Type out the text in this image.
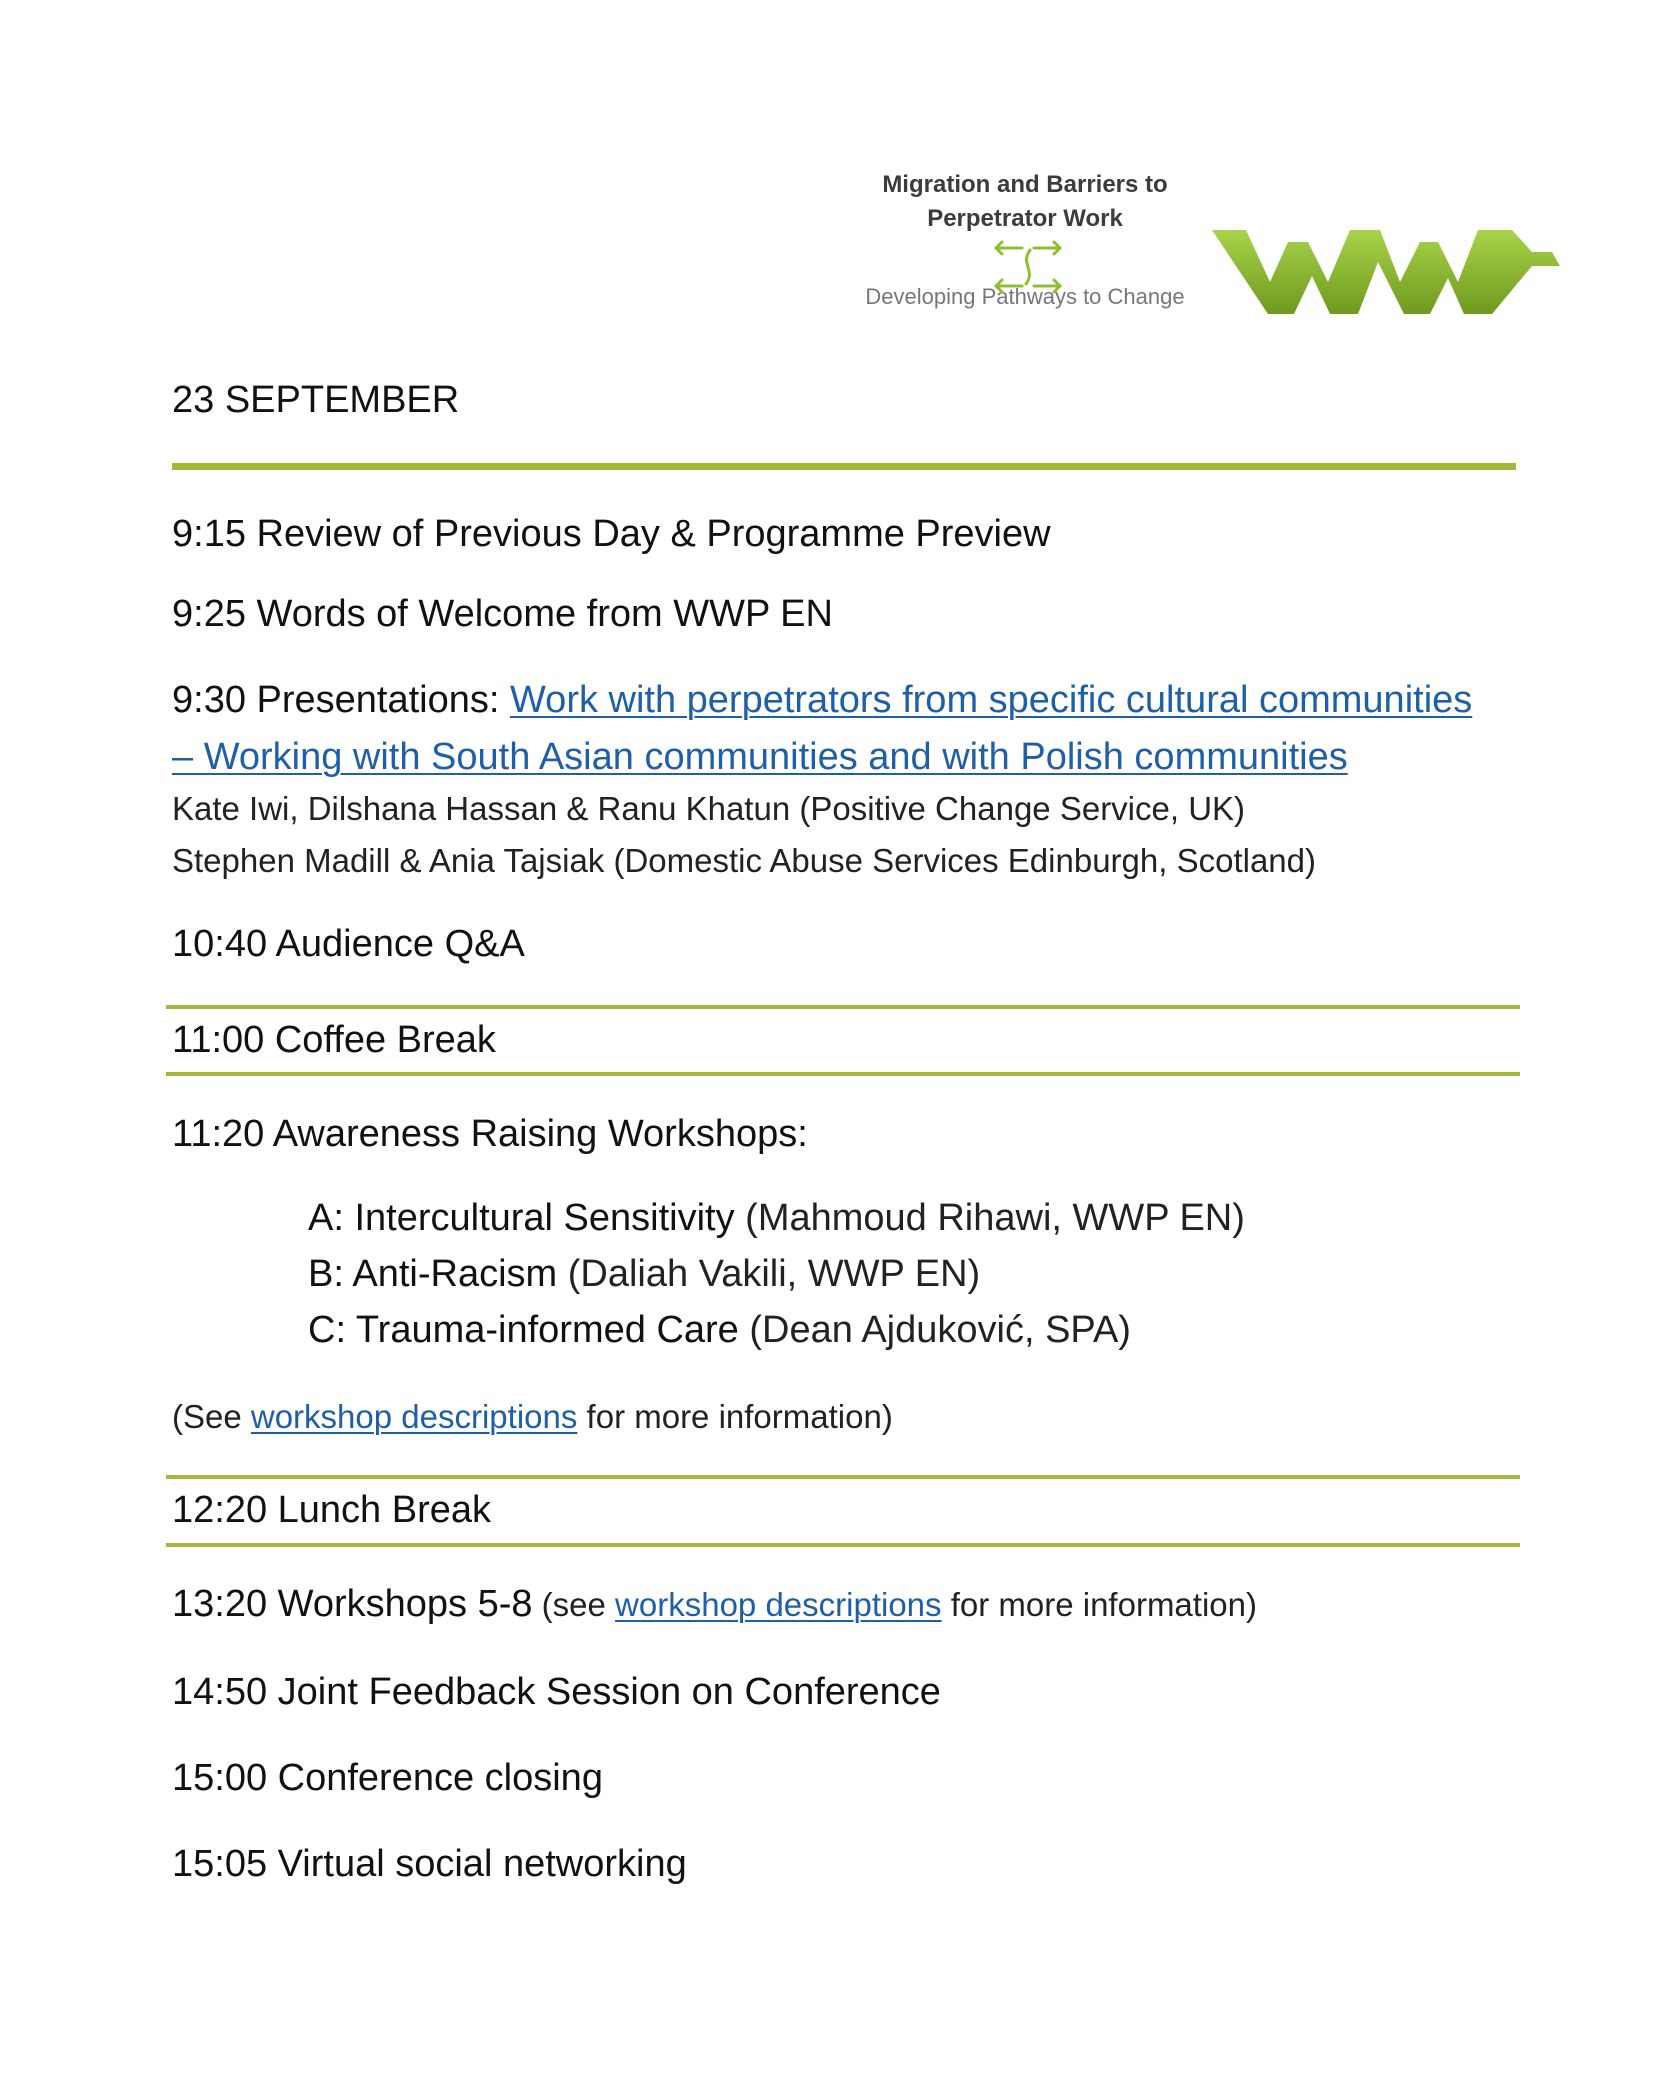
Migration and Barriers to
Perpetrator Work
Developing Pathways to Change
23 SEPTEMBER
9:15 Review of Previous Day & Programme Preview
9:25 Words of Welcome from WWP EN
9:30 Presentations: Work with perpetrators from specific cultural communities
– Working with South Asian communities and with Polish communities
Kate Iwi, Dilshana Hassan & Ranu Khatun (Positive Change Service, UK)
Stephen Madill & Ania Tajsiak (Domestic Abuse Services Edinburgh, Scotland)
10:40 Audience Q&A
11:00 Coffee Break
11:20 Awareness Raising Workshops:
A: Intercultural Sensitivity (Mahmoud Rihawi, WWP EN)
B: Anti-Racism (Daliah Vakili, WWP EN)
C: Trauma-informed Care (Dean Ajduković, SPA)
(See workshop descriptions for more information)
12:20 Lunch Break
13:20 Workshops 5-8 (see workshop descriptions for more information)
14:50 Joint Feedback Session on Conference
15:00 Conference closing
15:05 Virtual social networking
